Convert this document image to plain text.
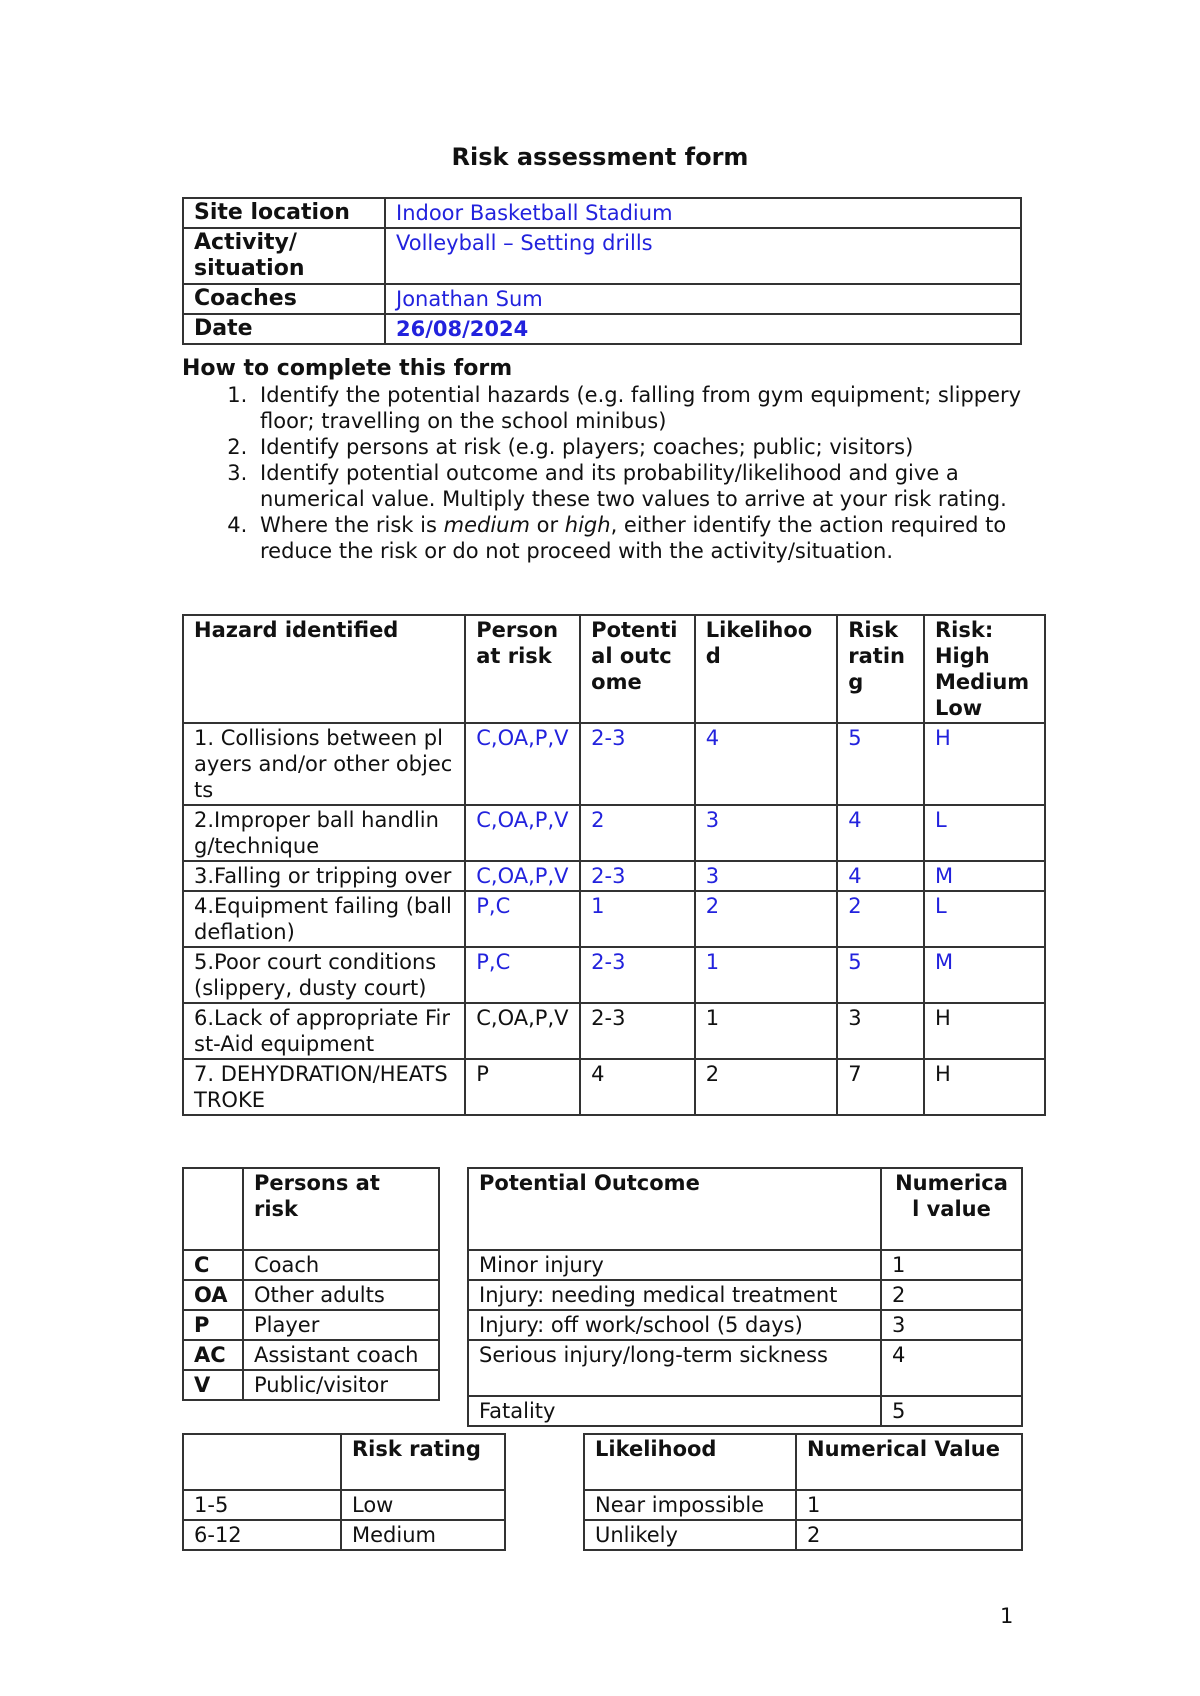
Risk assessment form
Site location	Indoor Basketball Stadium
Activity/
situation	Volleyball – Setting drills
Coaches	Jonathan Sum
Date	26/08/2024
How to complete this form
1. Identify the potential hazards (e.g. falling from gym equipment; slippery floor; travelling on the school minibus)
2. Identify persons at risk (e.g. players; coaches; public; visitors)
3. Identify potential outcome and its probability/likelihood and give a numerical value. Multiply these two values to arrive at your risk rating.
4. Where the risk is medium or high, either identify the action required to reduce the risk or do not proceed with the activity/situation.
Hazard identified	Person at risk	Potential outcome	Likelihood	Risk rating	Risk: High Medium Low
1. Collisions between players and/or other objects	C,OA,P,V	2-3	4	5	H
2.Improper ball handling/technique	C,OA,P,V	2	3	4	L
3.Falling or tripping over	C,OA,P,V	2-3	3	4	M
4.Equipment failing (ball deflation)	P,C	1	2	2	L
5.Poor court conditions (slippery, dusty court)	P,C	2-3	1	5	M
6.Lack of appropriate First-Aid equipment	C,OA,P,V	2-3	1	3	H
7. DEHYDRATION/HEATSTROKE	P	4	2	7	H
	Persons at risk
C	Coach
OA	Other adults
P	Player
AC	Assistant coach
V	Public/visitor
Potential Outcome	Numerical value
Minor injury	1
Injury: needing medical treatment	2
Injury: off work/school (5 days)	3
Serious injury/long-term sickness	4
Fatality	5
	Risk rating
1-5	Low
6-12	Medium
Likelihood	Numerical Value
Near impossible	1
Unlikely	2
1
